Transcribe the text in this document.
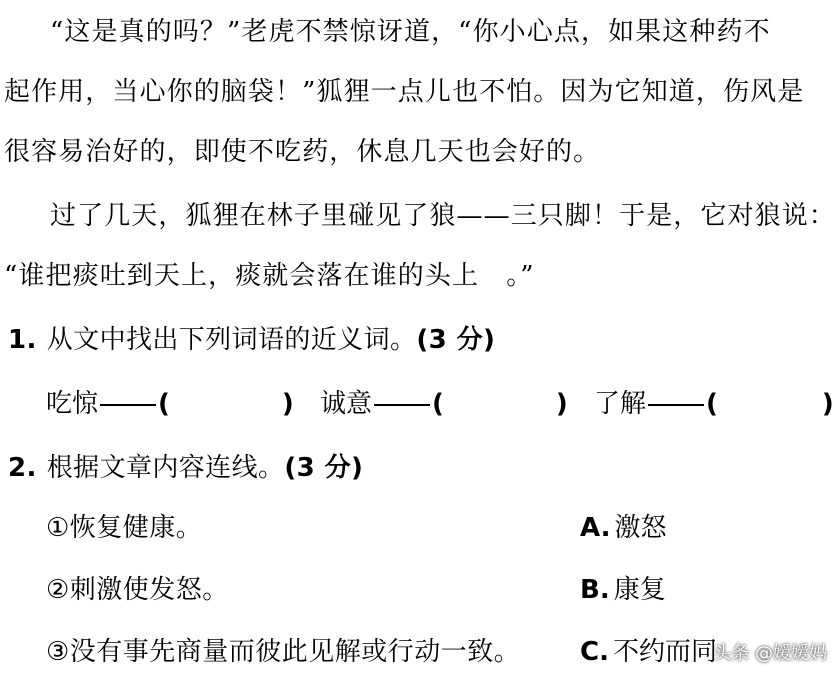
“这是真的吗？”老虎不禁惊讶道，“你小心点，如果这种药不
起作用，当心你的脑袋！”狐狸一点儿也不怕。因为它知道，伤风是
很容易治好的，即使不吃药，休息几天也会好的。
过了几天，狐狸在林子里碰见了狼——三只脚！于是，它对狼说：
“谁把痰吐到天上，痰就会落在谁的头上　。”
1. 从文中找出下列词语的近义词。(3 分)
吃惊 (	) 诚意 (	) 了解 (	)
2. 根据文章内容连线。(3 分)
①恢复健康。
②刺激使发怒。
③没有事先商量而彼此见解或行动一致。
A. 激怒
B. 康复
C. 不约而同
头条 @嫒嫒妈
